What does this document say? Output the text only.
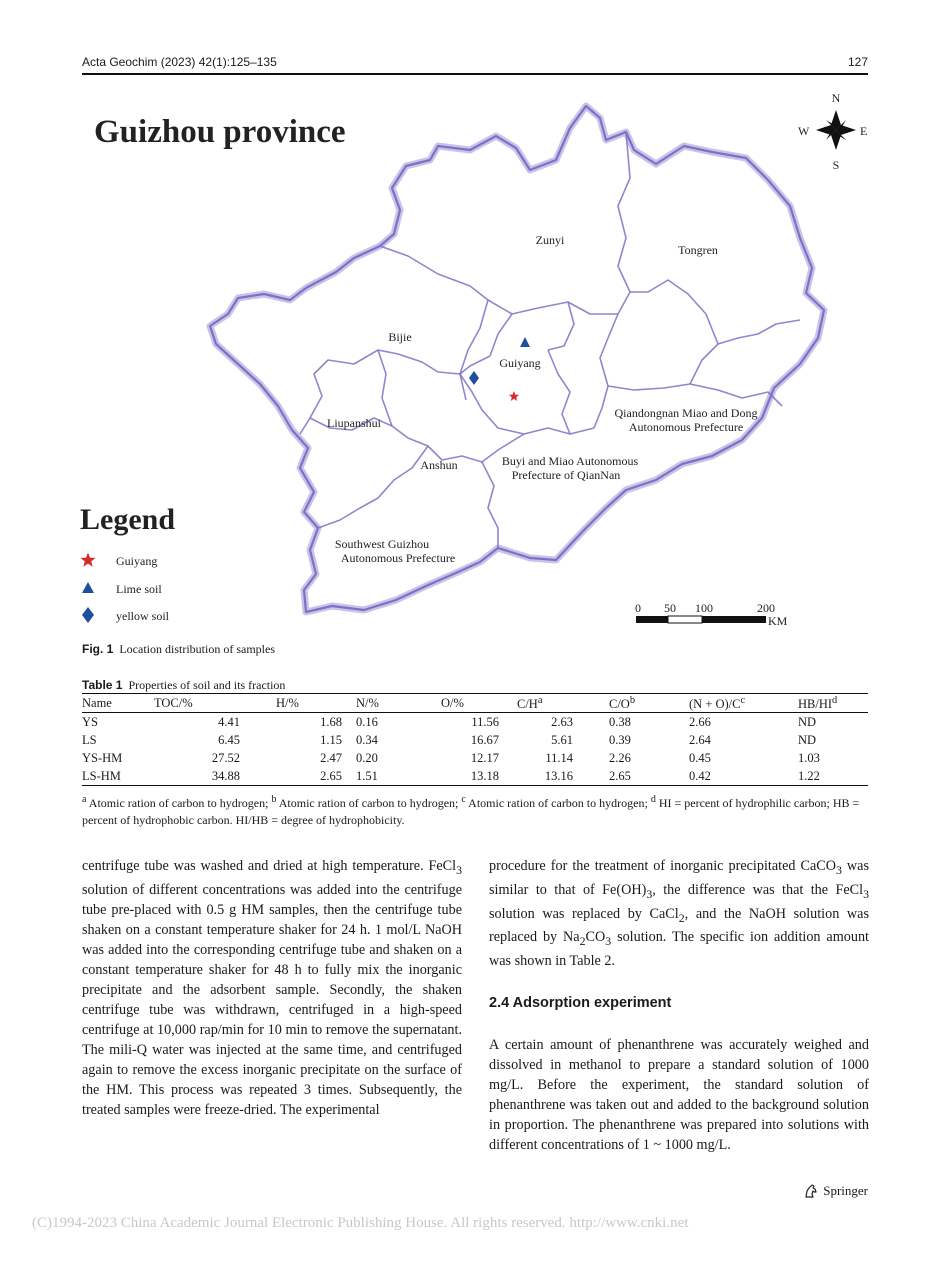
Acta Geochim (2023) 42(1):125–135	127
Guizhou province
N
S
E
W
Zunyi
Tongren
Bijie
Guiyang
Liupanshui
Anshun	Buyi and Miao Autonomous
Prefecture of QianNan
Qiandongnan Miao and Dong
Autonomous Prefecture
Southwest Guizhou
Autonomous Prefecture
Legend
Guiyang
Lime soil
yellow soil
0 50 100	200
KM
Fig. 1 Location distribution of samples
Table 1 Properties of soil and its fraction
Name	TOC/%	H/%	N/%	O/%	$C/H^a$	$C/O^b$	$(N + O)/C^c$	$HB/HI^d$
YS	4.41	1.68	0.16	11.56	2.63	0.38	2.66	ND
LS	6.45	1.15	0.34	16.67	5.61	0.39	2.64	ND
YS-HM	27.52	2.47	0.20	12.17	11.14	2.26	0.45	1.03
LS-HM	34.88	2.65	1.51	13.18	13.16	2.65	0.42	1.22
$^a$ Atomic ration of carbon to hydrogen; $^b$ Atomic ration of carbon to hydrogen; $^c$ Atomic ration of carbon to hydrogen; $^d$ HI = percent of hydrophilic carbon; HB = percent of hydrophobic carbon. HI/HB = degree of hydrophobicity.

centrifuge tube was washed and dried at high temperature. FeCl$_3$ solution of different concentrations was added into the centrifuge tube pre-placed with 0.5 g HM samples, then the centrifuge tube shaken on a constant temperature shaker for 24 h. 1 mol/L NaOH was added into the corresponding centrifuge tube and shaken on a constant temperature shaker for 48 h to fully mix the inorganic precipitate and the adsorbent sample. Secondly, the shaken centrifuge tube was withdrawn, centrifuged in a high-speed centrifuge at 10,000 rap/min for 10 min to remove the supernatant. The mili-Q water was injected at the same time, and centrifuged again to remove the excess inorganic precipitate on the surface of the HM. This process was repeated 3 times. Subsequently, the treated samples were freeze-dried. The experimental

procedure for the treatment of inorganic precipitated CaCO$_3$ was similar to that of $Fe(OH)_3$, the difference was that the FeCl$_3$ solution was replaced by CaCl$_2$, and the NaOH solution was replaced by $Na_2CO_3$ solution. The specific ion addition amount was shown in Table 2.

2.4 Adsorption experiment

A certain amount of phenanthrene was accurately weighed and dissolved in methanol to prepare a standard solution of 1000 mg/L. Before the experiment, the standard solution of phenanthrene was taken out and added to the background solution in proportion. The phenanthrene was prepared into solutions with different concentrations of 1 ~ 1000 mg/L.

Springer
(C)1994-2023 China Academic Journal Electronic Publishing House. All rights reserved. http://www.cnki.net
